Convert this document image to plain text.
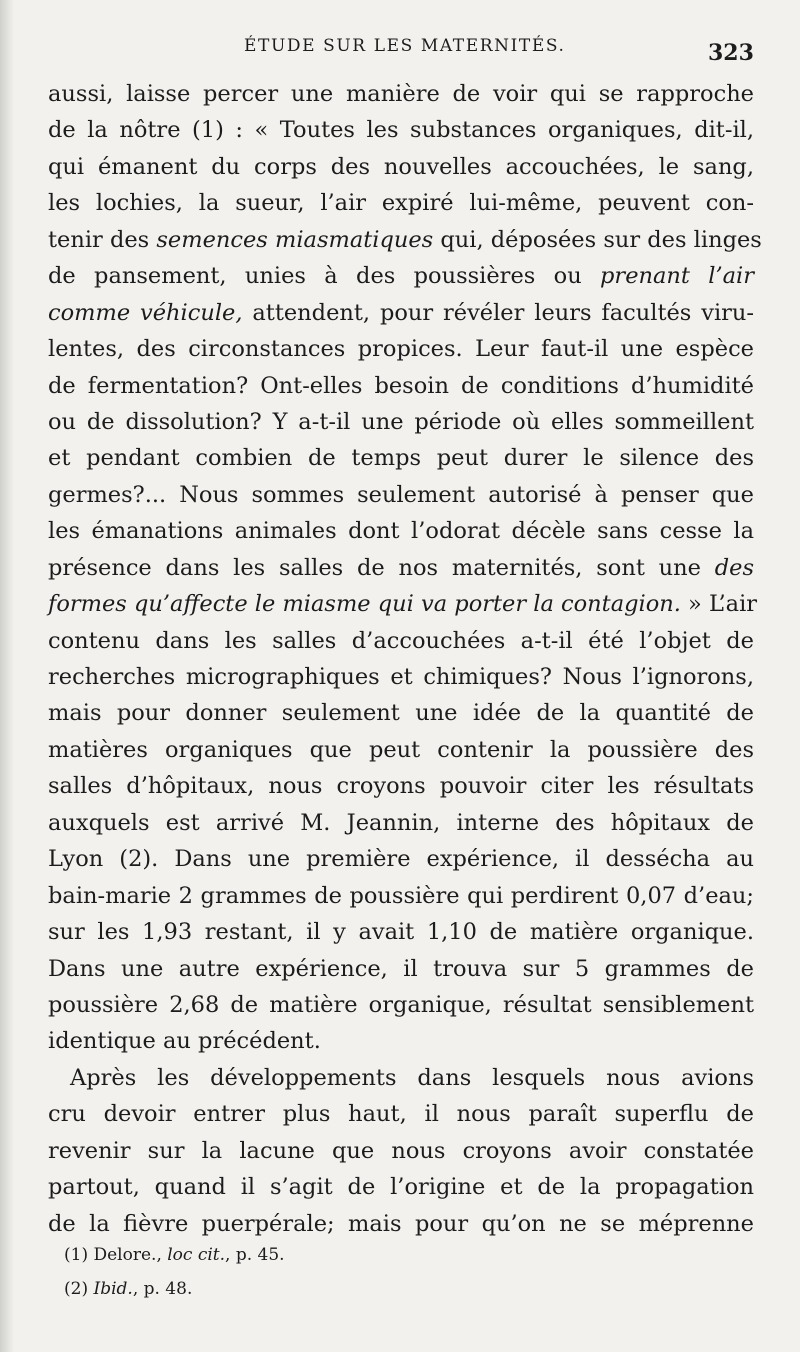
ÉTUDE SUR LES MATERNITÉS.	323
aussi, laisse percer une manière de voir qui se rapproche
de la nôtre (1) : « Toutes les substances organiques, dit-il,
qui émanent du corps des nouvelles accouchées, le sang,
les lochies, la sueur, l’air expiré lui-même, peuvent con-
tenir des semences miasmatiques qui, déposées sur des linges
de pansement, unies à des poussières ou prenant l’air
comme véhicule, attendent, pour révéler leurs facultés viru-
lentes, des circonstances propices. Leur faut-il une espèce
de fermentation? Ont-elles besoin de conditions d’humidité
ou de dissolution? Y a-t-il une période où elles sommeillent
et pendant combien de temps peut durer le silence des
germes?... Nous sommes seulement autorisé à penser que
les émanations animales dont l’odorat décèle sans cesse la
présence dans les salles de nos maternités, sont une des
formes qu’affecte le miasme qui va porter la contagion. » L’air
contenu dans les salles d’accouchées a-t-il été l’objet de
recherches micrographiques et chimiques? Nous l’ignorons,
mais pour donner seulement une idée de la quantité de
matières organiques que peut contenir la poussière des
salles d’hôpitaux, nous croyons pouvoir citer les résultats
auxquels est arrivé M. Jeannin, interne des hôpitaux de
Lyon (2). Dans une première expérience, il dessécha au
bain-marie 2 grammes de poussière qui perdirent 0,07 d’eau;
sur les 1,93 restant, il y avait 1,10 de matière organique.
Dans une autre expérience, il trouva sur 5 grammes de
poussière 2,68 de matière organique, résultat sensiblement
identique au précédent.
Après les développements dans lesquels nous avions
cru devoir entrer plus haut, il nous paraît superflu de
revenir sur la lacune que nous croyons avoir constatée
partout, quand il s’agit de l’origine et de la propagation
de la fièvre puerpérale; mais pour qu’on ne se méprenne
(1) Delore., loc cit., p. 45.
(2) Ibid., p. 48.
